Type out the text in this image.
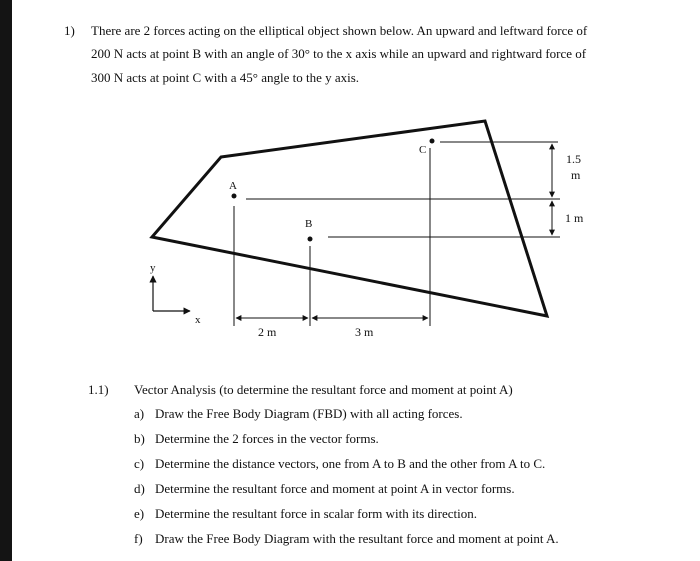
1) There are 2 forces acting on the elliptical object shown below. An upward and leftward force of
200 N acts at point B with an angle of 30° to the x axis while an upward and rightward force of
300 N acts at point C with a 45° angle to the y axis.
A
B
C
2 m	3 m
1.5
m
1 m
y
x
1.1) Vector Analysis (to determine the resultant force and moment at point A)
a) Draw the Free Body Diagram (FBD) with all acting forces.
b) Determine the 2 forces in the vector forms.
c) Determine the distance vectors, one from A to B and the other from A to C.
d) Determine the resultant force and moment at point A in vector forms.
e) Determine the resultant force in scalar form with its direction.
f) Draw the Free Body Diagram with the resultant force and moment at point A.
